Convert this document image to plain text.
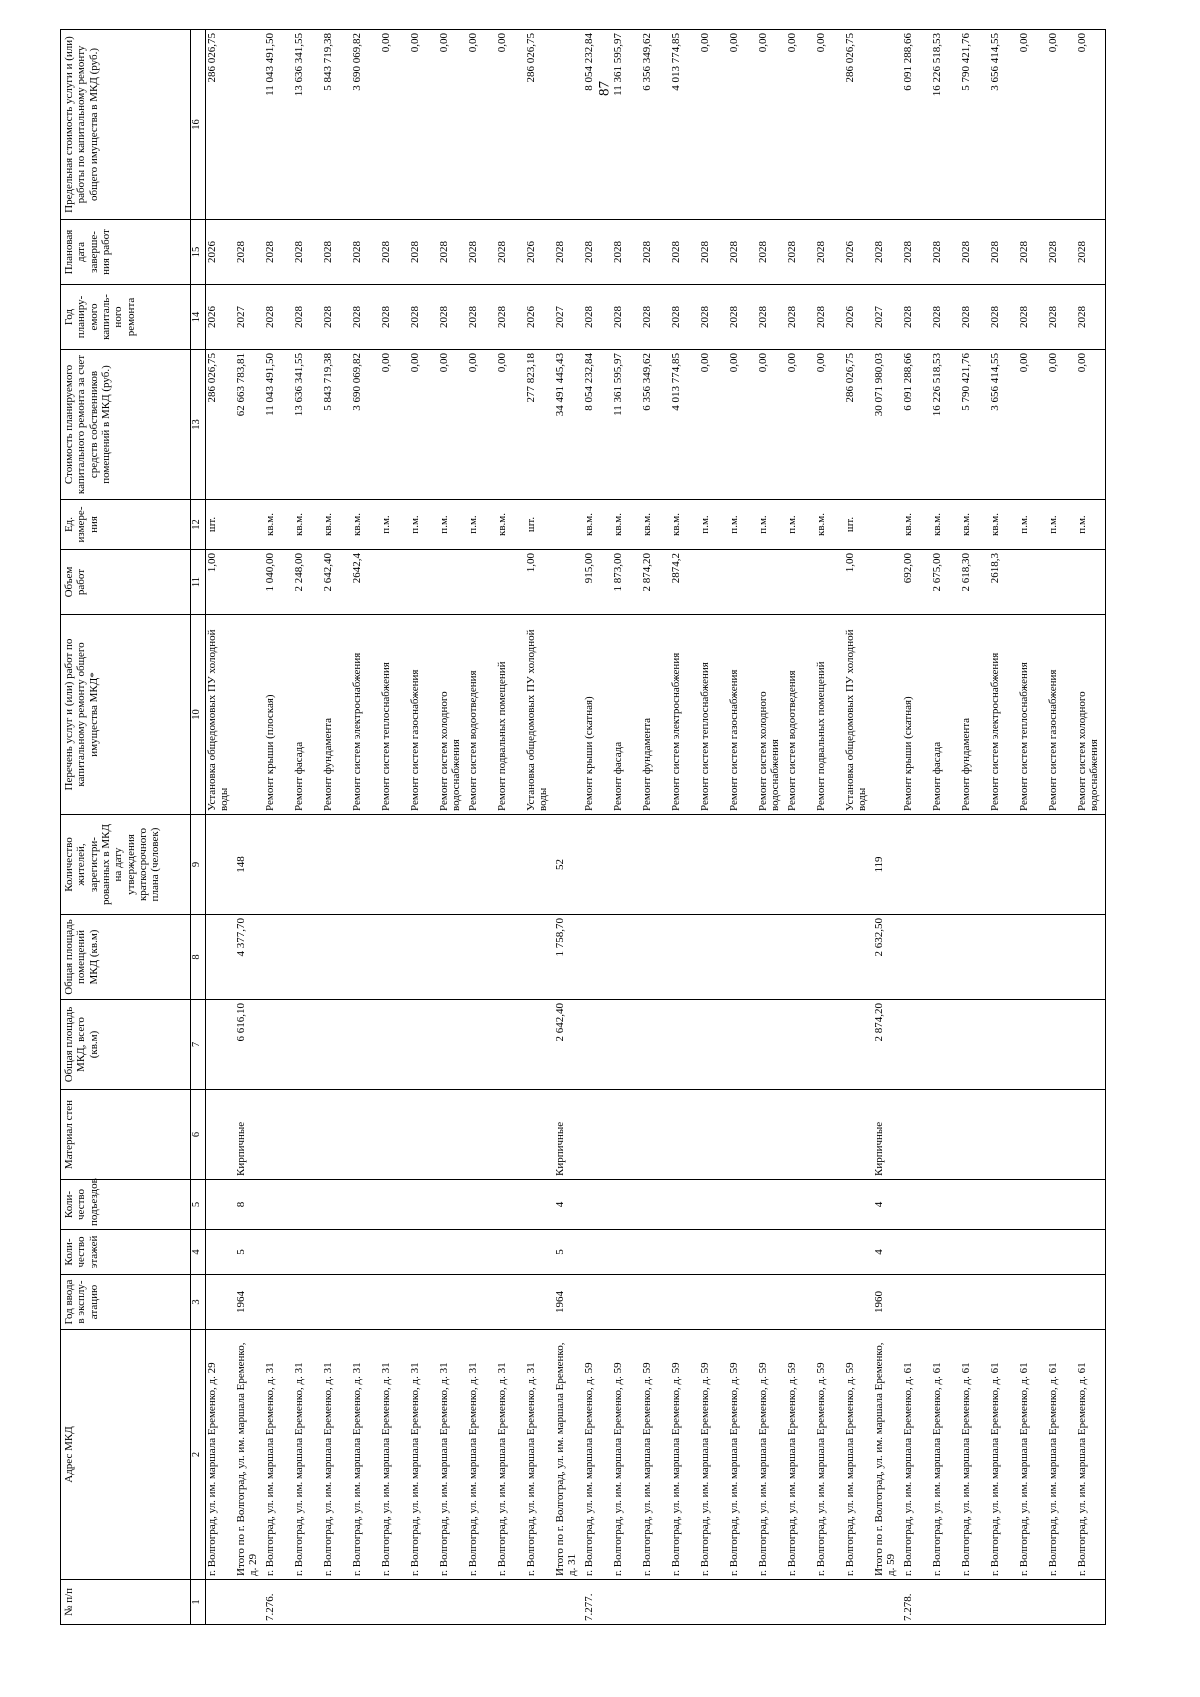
87
№ п/п	Адрес МКД	Год ввода в эксплу-атацию	Коли-чество этажей	Коли-чество подъездов	Материал стен	Общая площадь МКД, всего (кв.м)	Общая площадь помещений МКД (кв.м)	Количество жителей, зарегистри-рованных в МКД на дату утверждения краткосрочного плана (человек)	Перечень услуг и (или) работ по капитальному ремонту общего имущества МКД*	Объем работ	Ед. измере-ния	Стоимость планируемого капитального ремонта за счет средств собственников помещений в МКД (руб.)	Год планиру-емого капиталь-ного ремонта	Плановая дата заверше-ния работ	Предельная стоимость услуги и (или) работы по капитальному ремонту общего имущества в МКД (руб.)
1	2	3	4	5	6	7	8	9	10	11	12	13	14	15	16
	г. Волгоград, ул. им. маршала Еременко, д. 29								Установка общедомовых ПУ холодной воды	1,00	шт.	286 026,75	2026	2026	286 026,75
	Итого по г. Волгоград, ул. им. маршала Еременко, д. 29	1964	5	8	Кирпичные	6 616,10	4 377,70	148				62 663 783,81	2027	2028	
7.276.	г. Волгоград, ул. им. маршала Еременко, д. 31								Ремонт крыши (плоская)	1 040,00	кв.м.	11 043 491,50	2028	2028	11 043 491,50
	г. Волгоград, ул. им. маршала Еременко, д. 31								Ремонт фасада	2 248,00	кв.м.	13 636 341,55	2028	2028	13 636 341,55
	г. Волгоград, ул. им. маршала Еременко, д. 31								Ремонт фундамента	2 642,40	кв.м.	5 843 719,38	2028	2028	5 843 719,38
	г. Волгоград, ул. им. маршала Еременко, д. 31								Ремонт систем электроснабжения	2642,4	кв.м.	3 690 069,82	2028	2028	3 690 069,82
	г. Волгоград, ул. им. маршала Еременко, д. 31								Ремонт систем теплоснабжения		п.м.	0,00	2028	2028	0,00
	г. Волгоград, ул. им. маршала Еременко, д. 31								Ремонт систем газоснабжения		п.м.	0,00	2028	2028	0,00
	г. Волгоград, ул. им. маршала Еременко, д. 31								Ремонт систем холодного водоснабжения		п.м.	0,00	2028	2028	0,00
	г. Волгоград, ул. им. маршала Еременко, д. 31								Ремонт систем водоотведения		п.м.	0,00	2028	2028	0,00
	г. Волгоград, ул. им. маршала Еременко, д. 31								Ремонт подвальных помещений		кв.м.	0,00	2028	2028	0,00
	г. Волгоград, ул. им. маршала Еременко, д. 31								Установка общедомовых ПУ холодной воды	1,00	шт.	277 823,18	2026	2026	286 026,75
	Итого по г. Волгоград, ул. им. маршала Еременко, д. 31	1964	5	4	Кирпичные	2 642,40	1 758,70	52				34 491 445,43	2027	2028	
7.277.	г. Волгоград, ул. им. маршала Еременко, д. 59								Ремонт крыши (скатная)	915,00	кв.м.	8 054 232,84	2028	2028	8 054 232,84
	г. Волгоград, ул. им. маршала Еременко, д. 59								Ремонт фасада	1 873,00	кв.м.	11 361 595,97	2028	2028	11 361 595,97
	г. Волгоград, ул. им. маршала Еременко, д. 59								Ремонт фундамента	2 874,20	кв.м.	6 356 349,62	2028	2028	6 356 349,62
	г. Волгоград, ул. им. маршала Еременко, д. 59								Ремонт систем электроснабжения	2874,2	кв.м.	4 013 774,85	2028	2028	4 013 774,85
	г. Волгоград, ул. им. маршала Еременко, д. 59								Ремонт систем теплоснабжения		п.м.	0,00	2028	2028	0,00
	г. Волгоград, ул. им. маршала Еременко, д. 59								Ремонт систем газоснабжения		п.м.	0,00	2028	2028	0,00
	г. Волгоград, ул. им. маршала Еременко, д. 59								Ремонт систем холодного водоснабжения		п.м.	0,00	2028	2028	0,00
	г. Волгоград, ул. им. маршала Еременко, д. 59								Ремонт систем водоотведения		п.м.	0,00	2028	2028	0,00
	г. Волгоград, ул. им. маршала Еременко, д. 59								Ремонт подвальных помещений		кв.м.	0,00	2028	2028	0,00
	г. Волгоград, ул. им. маршала Еременко, д. 59								Установка общедомовых ПУ холодной воды	1,00	шт.	286 026,75	2026	2026	286 026,75
	Итого по г. Волгоград, ул. им. маршала Еременко, д. 59	1960	4	4	Кирпичные	2 874,20	2 632,50	119				30 071 980,03	2027	2028	
7.278.	г. Волгоград, ул. им. маршала Еременко, д. 61								Ремонт крыши (скатная)	692,00	кв.м.	6 091 288,66	2028	2028	6 091 288,66
	г. Волгоград, ул. им. маршала Еременко, д. 61								Ремонт фасада	2 675,00	кв.м.	16 226 518,53	2028	2028	16 226 518,53
	г. Волгоград, ул. им. маршала Еременко, д. 61								Ремонт фундамента	2 618,30	кв.м.	5 790 421,76	2028	2028	5 790 421,76
	г. Волгоград, ул. им. маршала Еременко, д. 61								Ремонт систем электроснабжения	2618,3	кв.м.	3 656 414,55	2028	2028	3 656 414,55
	г. Волгоград, ул. им. маршала Еременко, д. 61								Ремонт систем теплоснабжения		п.м.	0,00	2028	2028	0,00
	г. Волгоград, ул. им. маршала Еременко, д. 61								Ремонт систем газоснабжения		п.м.	0,00	2028	2028	0,00
	г. Волгоград, ул. им. маршала Еременко, д. 61								Ремонт систем холодного водоснабжения		п.м.	0,00	2028	2028	0,00
